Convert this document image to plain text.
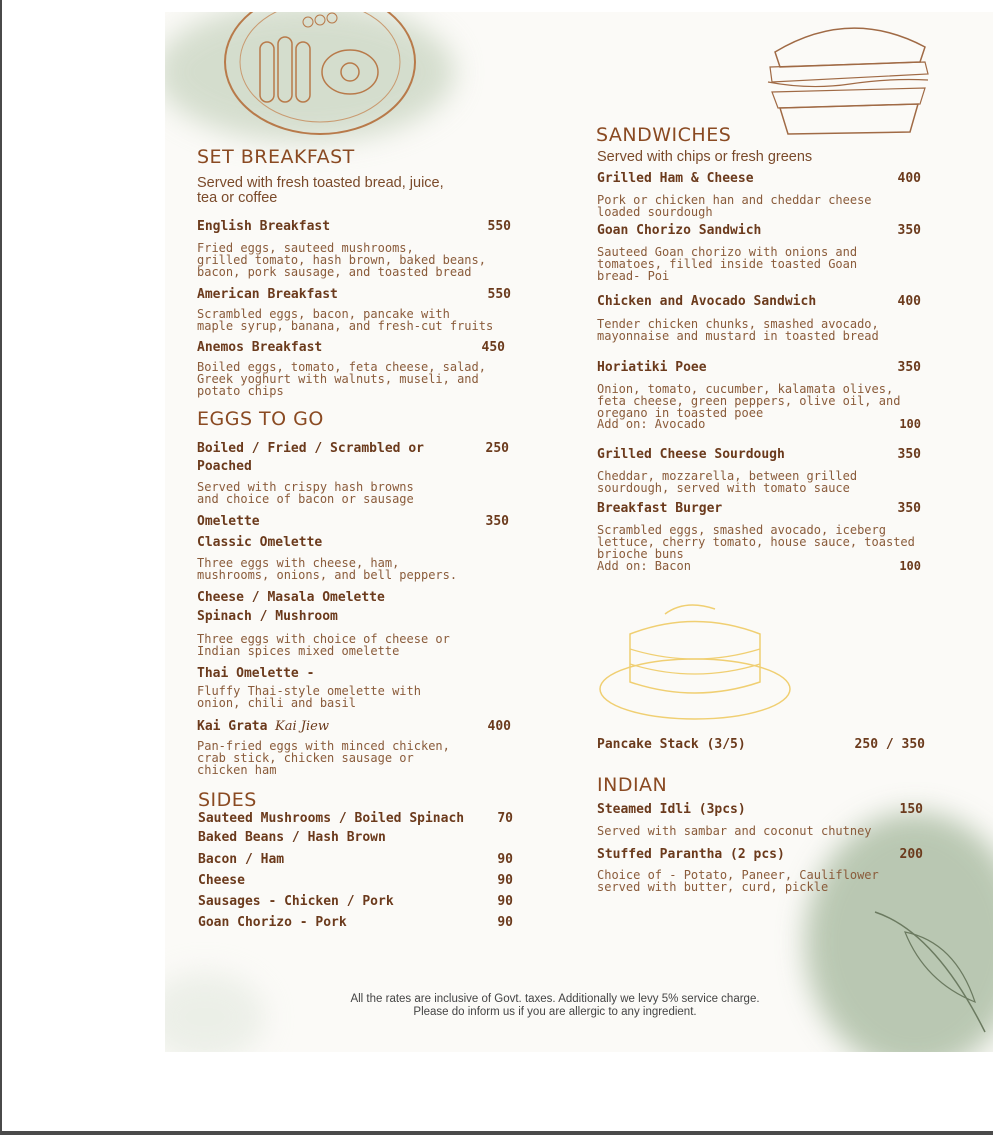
SET BREAKFAST
Served with fresh toasted bread, juice,
tea or coffee
English Breakfast	550
Fried eggs, sauteed mushrooms,
grilled tomato, hash brown, baked beans,
bacon, pork sausage, and toasted bread
American Breakfast	550
Scrambled eggs, bacon, pancake with
maple syrup, banana, and fresh-cut fruits
Anemos Breakfast	450
Boiled eggs, tomato, feta cheese, salad,
Greek yoghurt with walnuts, museli, and
potato chips
EGGS TO GO
Boiled / Fried / Scrambled or	250
Poached
Served with crispy hash browns
and choice of bacon or sausage
Omelette	350
Classic Omelette
Three eggs with cheese, ham,
mushrooms, onions, and bell peppers.
Cheese / Masala Omelette
Spinach / Mushroom
Three eggs with choice of cheese or
Indian spices mixed omelette
Thai Omelette -
Fluffy Thai-style omelette with
onion, chili and basil
Kai Grata Kai Jiew	400
Pan-fried eggs with minced chicken,
crab stick, chicken sausage or
chicken ham
SIDES
Sauteed Mushrooms / Boiled Spinach	70
Baked Beans / Hash Brown
Bacon / Ham	90
Cheese	90
Sausages - Chicken / Pork	90
Goan Chorizo - Pork	90
SANDWICHES
Served with chips or fresh greens
Grilled Ham & Cheese	400
Pork or chicken han and cheddar cheese
loaded sourdough
Goan Chorizo Sandwich	350
Sauteed Goan chorizo with onions and
tomatoes, filled inside toasted Goan
bread- Poi
Chicken and Avocado Sandwich	400
Tender chicken chunks, smashed avocado,
mayonnaise and mustard in toasted bread
Horiatiki Poee	350
Onion, tomato, cucumber, kalamata olives,
feta cheese, green peppers, olive oil, and
oregano in toasted poee
Add on: Avocado	100
Grilled Cheese Sourdough	350
Cheddar, mozzarella, between grilled
sourdough, served with tomato sauce
Breakfast Burger	350
Scrambled eggs, smashed avocado, iceberg
lettuce, cherry tomato, house sauce, toasted
brioche buns
Add on: Bacon	100
Pancake Stack (3/5)	250 / 350
INDIAN
Steamed Idli (3pcs)	150
Served with sambar and coconut chutney
Stuffed Parantha (2 pcs)	200
Choice of - Potato, Paneer, Cauliflower
served with butter, curd, pickle
All the rates are inclusive of Govt. taxes. Additionally we levy 5% service charge.
Please do inform us if you are allergic to any ingredient.
